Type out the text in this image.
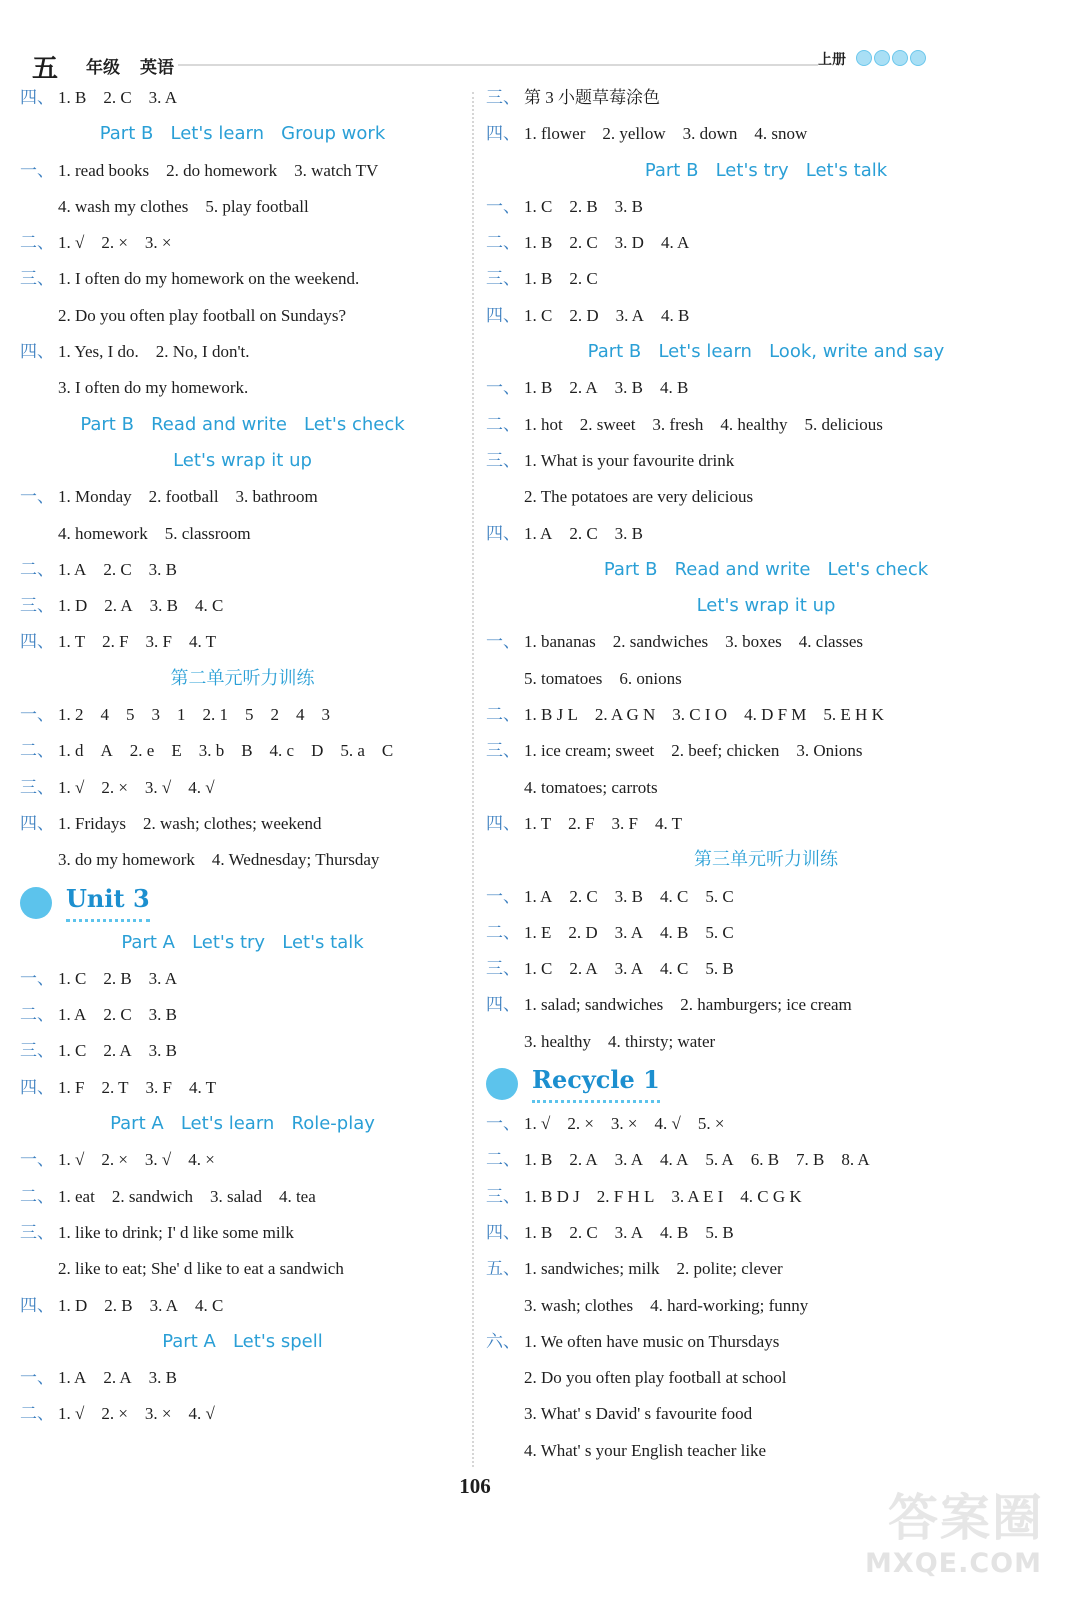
五 年级 英语	上册
四、 1. B    2. C    3. A
Part B   Let's learn   Group work
一、 1. read books    2. do homework    3. watch TV
4. wash my clothes    5. play football
二、 1. √    2. ×    3. ×
三、 1. I often do my homework on the weekend.
2. Do you often play football on Sundays?
四、 1. Yes, I do.    2. No, I don't.
3. I often do my homework.
Part B   Read and write   Let's check
Let's wrap it up
一、 1. Monday    2. football    3. bathroom
4. homework    5. classroom
二、 1. A    2. C    3. B
三、 1. D    2. A    3. B    4. C
四、 1. T    2. F    3. F    4. T
第二单元听力训练
一、 1. 2    4    5    3    1    2. 1    5    2    4    3
二、 1. d    A    2. e    E    3. b    B    4. c    D    5. a    C
三、 1. √    2. ×    3. √    4. √
四、 1. Fridays    2. wash; clothes; weekend
3. do my homework    4. Wednesday; Thursday
Unit 3
Part A   Let's try   Let's talk
一、 1. C    2. B    3. A
二、 1. A    2. C    3. B
三、 1. C    2. A    3. B
四、 1. F    2. T    3. F    4. T
Part A   Let's learn   Role-play
一、 1. √    2. ×    3. √    4. ×
二、 1. eat    2. sandwich    3. salad    4. tea
三、 1. like to drink; I' d like some milk
2. like to eat; She' d like to eat a sandwich
四、 1. D    2. B    3. A    4. C
Part A   Let's spell
一、 1. A    2. A    3. B
二、 1. √    2. ×    3. ×    4. √
三、 第 3 小题草莓涂色
四、 1. flower    2. yellow    3. down    4. snow
Part B   Let's try   Let's talk
一、 1. C    2. B    3. B
二、 1. B    2. C    3. D    4. A
三、 1. B    2. C
四、 1. C    2. D    3. A    4. B
Part B   Let's learn   Look, write and say
一、 1. B    2. A    3. B    4. B
二、 1. hot    2. sweet    3. fresh    4. healthy    5. delicious
三、 1. What is your favourite drink
2. The potatoes are very delicious
四、 1. A    2. C    3. B
Part B   Read and write   Let's check
Let's wrap it up
一、 1. bananas    2. sandwiches    3. boxes    4. classes
5. tomatoes    6. onions
二、 1. B J L    2. A G N    3. C I O    4. D F M    5. E H K
三、 1. ice cream; sweet    2. beef; chicken    3. Onions
4. tomatoes; carrots
四、 1. T    2. F    3. F    4. T
第三单元听力训练
一、 1. A    2. C    3. B    4. C    5. C
二、 1. E    2. D    3. A    4. B    5. C
三、 1. C    2. A    3. A    4. C    5. B
四、 1. salad; sandwiches    2. hamburgers; ice cream
3. healthy    4. thirsty; water
Recycle 1
一、 1. √    2. ×    3. ×    4. √    5. ×
二、 1. B    2. A    3. A    4. A    5. A    6. B    7. B    8. A
三、 1. B D J    2. F H L    3. A E I    4. C G K
四、 1. B    2. C    3. A    4. B    5. B
五、 1. sandwiches; milk    2. polite; clever
3. wash; clothes    4. hard-working; funny
六、 1. We often have music on Thursdays
2. Do you often play football at school
3. What' s David' s favourite food
4. What' s your English teacher like
106
答案圈
MXQE.COM
